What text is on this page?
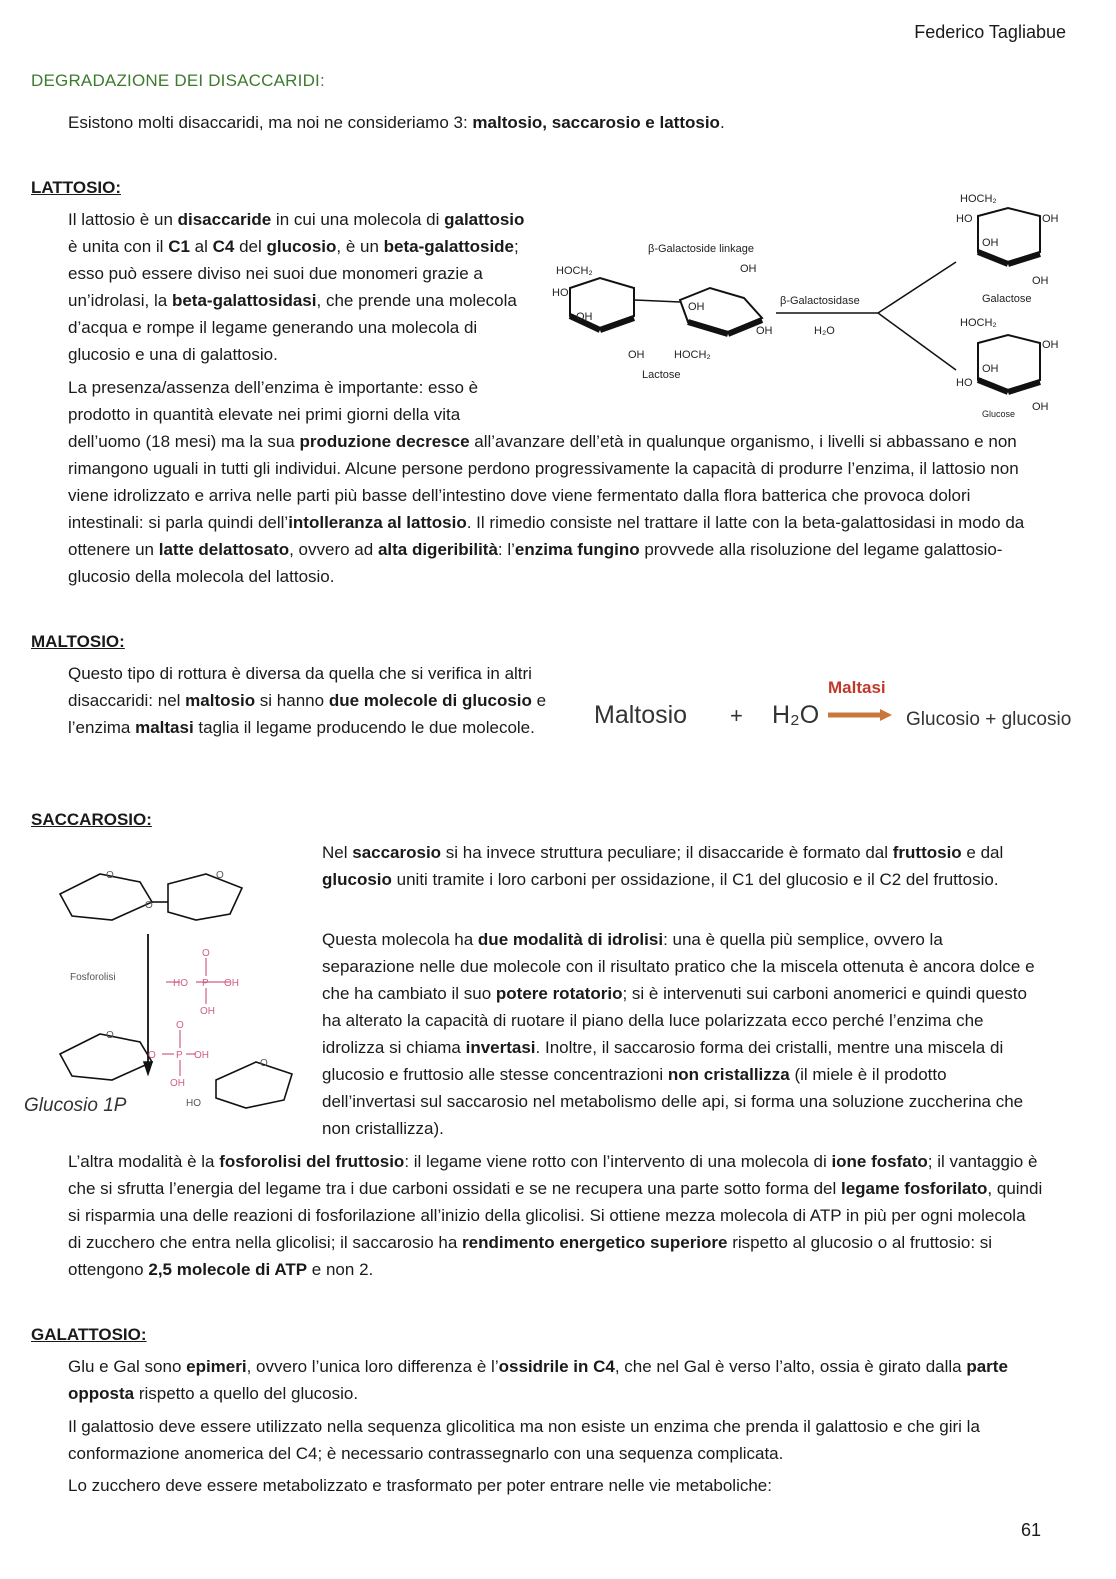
Federico Tagliabue
DEGRADAZIONE DEI DISACCARIDI:
Esistono molti disaccaridi, ma noi ne consideriamo 3: maltosio, saccarosio e lattosio.
LATTOSIO:
Il lattosio è un disaccaride in cui una molecola di galattosio è unita con il C1 al C4 del glucosio, è un beta-galattoside; esso può essere diviso nei suoi due monomeri grazie a un’idrolasi, la beta-galattosidasi, che prende una molecola d’acqua e rompe il legame generando una molecola di glucosio e una di galattosio.
La presenza/assenza dell’enzima è importante: esso è prodotto in quantità elevate nei primi giorni della vita
dell’uomo (18 mesi) ma la sua produzione decresce all’avanzare dell’età in qualunque organismo, i livelli si abbassano e non rimangono uguali in tutti gli individui. Alcune persone perdono progressivamente la capacità di produrre l’enzima, il lattosio non viene idrolizzato e arriva nelle parti più basse dell’intestino dove viene fermentato dalla flora batterica che provoca dolori intestinali: si parla quindi dell’intolleranza al lattosio. Il rimedio consiste nel trattare il latte con la beta-galattosidasi in modo da ottenere un latte delattosato, ovvero ad alta digeribilità: l’enzima fungino provvede alla risoluzione del legame galattosio-glucosio della molecola del lattosio.
β-Galactoside linkage
HOCH₂
HO
OH
OH
OH
OH
OH	HOCH₂
Lactose
β-Galactosidase
H₂O
HOCH₂
HO	OH
OH
OH
Galactose
HOCH₂
OH
OH
HO
OH
Glucose
MALTOSIO:
Questo tipo di rottura è diversa da quella che si verifica in altri disaccaridi: nel maltosio si hanno due molecole di glucosio e l’enzima maltasi taglia il legame producendo le due molecole.	Maltosio + H₂O
Maltasi
Glucosio + glucosio
SACCAROSIO:
Nel saccarosio si ha invece struttura peculiare; il disaccaride è formato dal fruttosio e dal glucosio uniti tramite i loro carboni per ossidazione, il C1 del glucosio e il C2 del fruttosio.
Questa molecola ha due modalità di idrolisi: una è quella più semplice, ovvero la separazione nelle due molecole con il risultato pratico che la miscela ottenuta è ancora dolce e che ha cambiato il suo potere rotatorio; si è intervenuti sui carboni anomerici e quindi questo ha alterato la capacità di ruotare il piano della luce polarizzata ecco perché l’enzima che idrolizza si chiama invertasi. Inoltre, il saccarosio forma dei cristalli, mentre una miscela di glucosio e fruttosio alle stesse concentrazioni non cristallizza (il miele è il prodotto dell’invertasi sul saccarosio nel metabolismo delle api, si forma una soluzione zuccherina che non cristallizza).
L’altra modalità è la fosforolisi del fruttosio: il legame viene rotto con l’intervento di una molecola di ione fosfato; il vantaggio è che si sfrutta l’energia del legame tra i due carboni ossidati e se ne recupera una parte sotto forma del legame fosforilato, quindi si risparmia una delle reazioni di fosforilazione all’inizio della glicolisi. Si ottiene mezza molecola di ATP in più per ogni molecola di zucchero che entra nella glicolisi; il saccarosio ha rendimento energetico superiore rispetto al glucosio o al fruttosio: si ottengono 2,5 molecole di ATP e non 2.
HO P OH
O
OH
O P OH
O
OH
O
O
O
O
O
HO
Fosforolisi
Glucosio 1P
GALATTOSIO:
Glu e Gal sono epimeri, ovvero l’unica loro differenza è l’ossidrile in C4, che nel Gal è verso l’alto, ossia è girato dalla parte opposta rispetto a quello del glucosio.
Il galattosio deve essere utilizzato nella sequenza glicolitica ma non esiste un enzima che prenda il galattosio e che giri la conformazione anomerica del C4; è necessario contrassegnarlo con una sequenza complicata.
Lo zucchero deve essere metabolizzato e trasformato per poter entrare nelle vie metaboliche:
61
